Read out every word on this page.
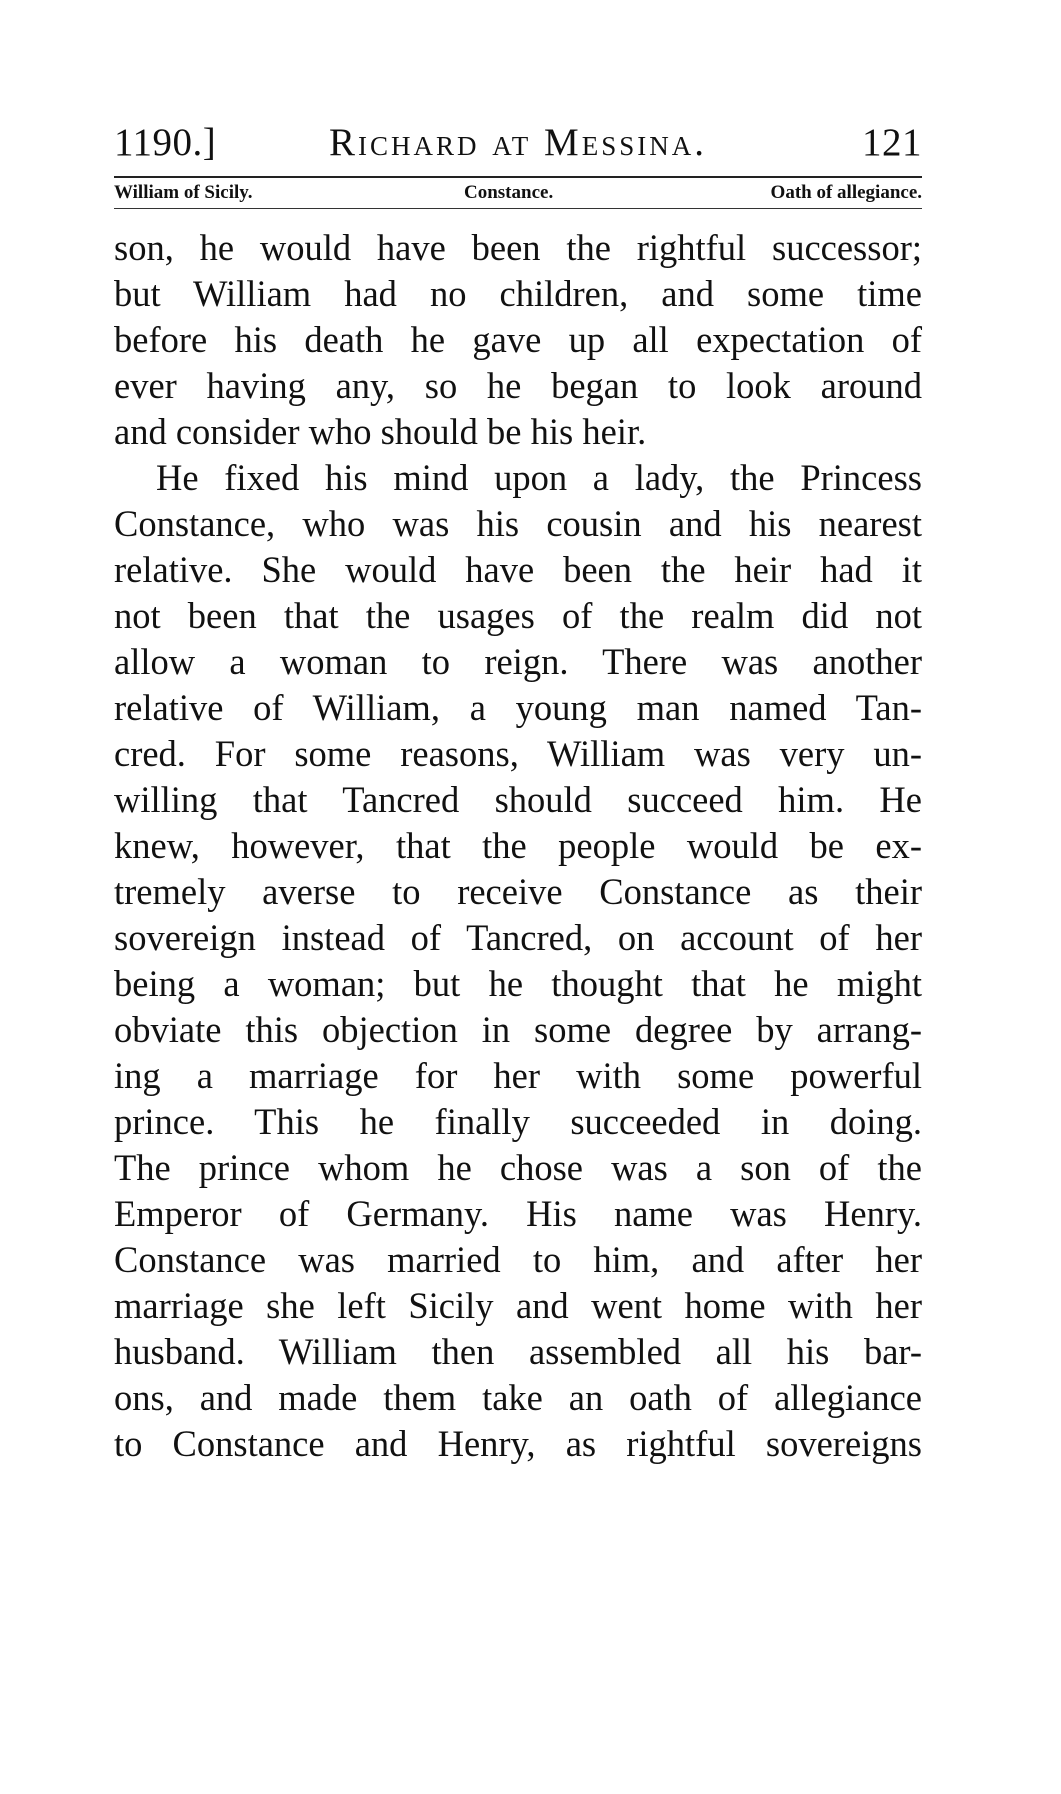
1190.]	Richard at Messina.	121
William of Sicily.	Constance.	Oath of allegiance.
son, he would have been the rightful successor;
but William had no children, and some time
before his death he gave up all expectation of
ever having any, so he began to look around
and consider who should be his heir.
He fixed his mind upon a lady, the Princess
Constance, who was his cousin and his nearest
relative. She would have been the heir had it
not been that the usages of the realm did not
allow a woman to reign. There was another
relative of William, a young man named Tan-
cred. For some reasons, William was very un-
willing that Tancred should succeed him. He
knew, however, that the people would be ex-
tremely averse to receive Constance as their
sovereign instead of Tancred, on account of her
being a woman; but he thought that he might
obviate this objection in some degree by arrang-
ing a marriage for her with some powerful
prince. This he finally succeeded in doing.
The prince whom he chose was a son of the
Emperor of Germany. His name was Henry.
Constance was married to him, and after her
marriage she left Sicily and went home with her
husband. William then assembled all his bar-
ons, and made them take an oath of allegiance
to Constance and Henry, as rightful sovereigns
